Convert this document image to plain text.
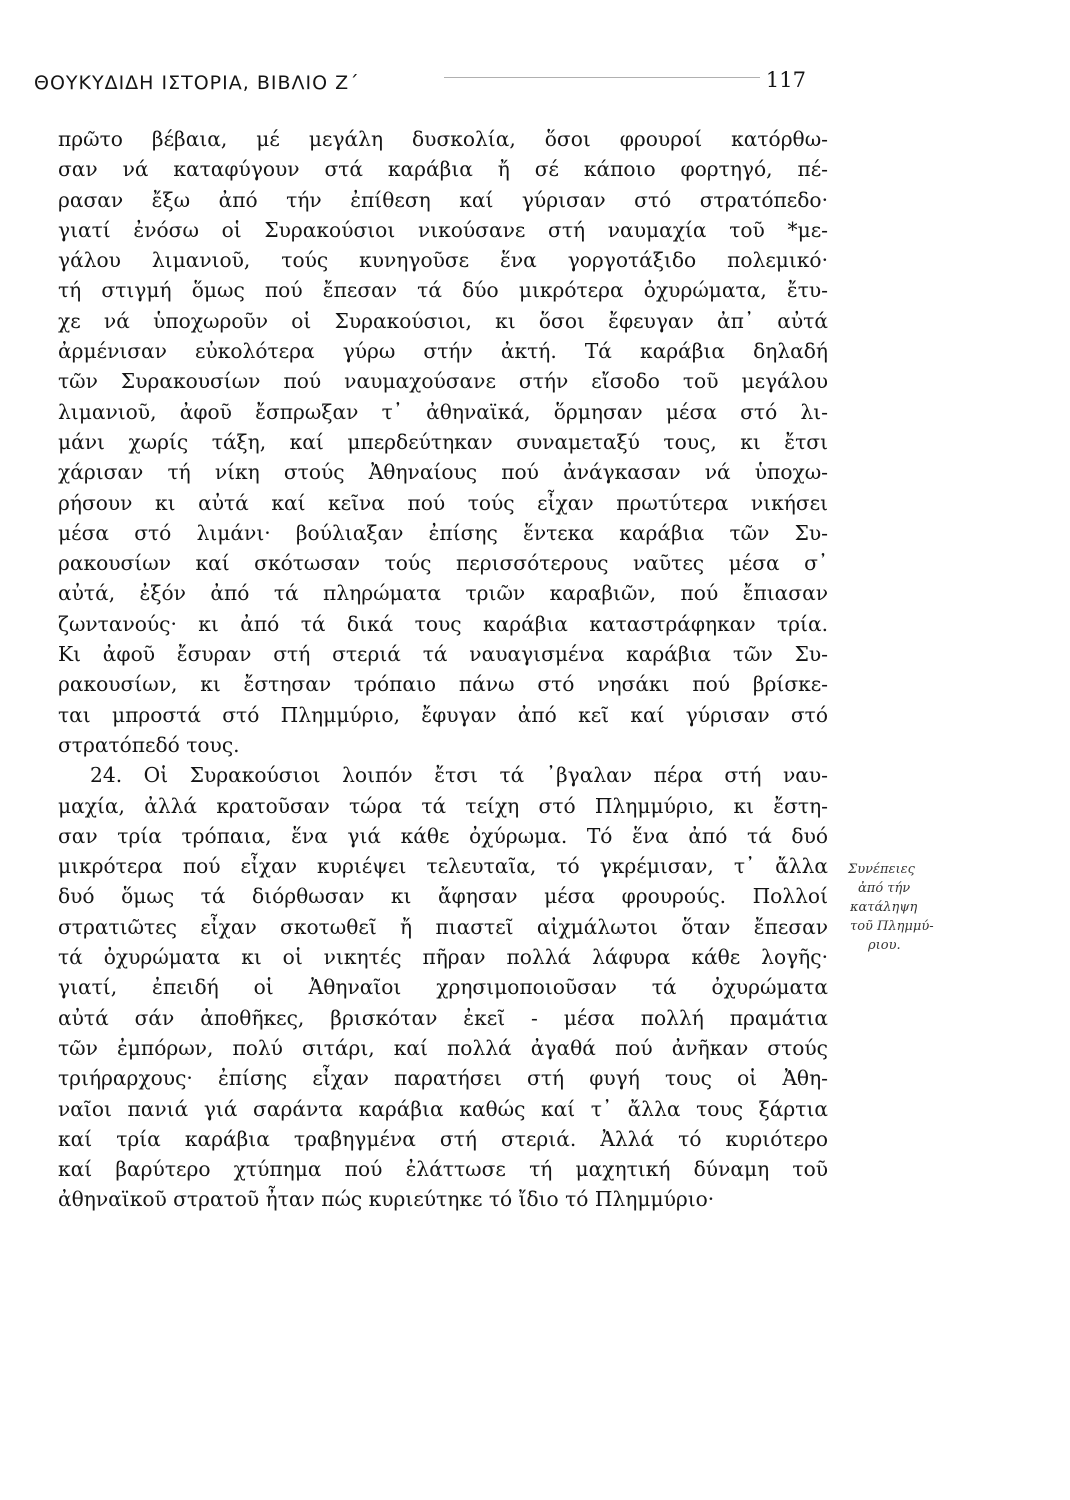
ΘΟΥΚΥΔΙΔΗ ΙΣΤΟΡΙΑ, ΒΙΒΛΙΟ Ζ΄	117
πρῶτο βέβαια, μέ μεγάλη δυσκολία, ὅσοι φρουροί κατόρθω-
σαν νά καταφύγουν στά καράβια ἤ σέ κάποιο φορτηγό, πέ-
ρασαν ἔξω ἀπό τήν ἐπίθεση καί γύρισαν στό στρατόπεδο·
γιατί ἐνόσω οἱ Συρακούσιοι νικούσανε στή ναυμαχία τοῦ *με-
γάλου λιμανιοῦ, τούς κυνηγοῦσε ἕνα γοργοτάξιδο πολεμικό·
τή στιγμή ὅμως πού ἔπεσαν τά δύο μικρότερα ὀχυρώματα, ἔτυ-
χε νά ὑποχωροῦν οἱ Συρακούσιοι, κι ὅσοι ἔφευγαν ἀπ᾽ αὐτά
ἀρμένισαν εὐκολότερα γύρω στήν ἀκτή. Τά καράβια δηλαδή
τῶν Συρακουσίων πού ναυμαχούσανε στήν εἴσοδο τοῦ μεγάλου
λιμανιοῦ, ἀφοῦ ἔσπρωξαν τ᾽ ἀθηναϊκά, ὅρμησαν μέσα στό λι-
μάνι χωρίς τάξη, καί μπερδεύτηκαν συναμεταξύ τους, κι ἔτσι
χάρισαν τή νίκη στούς Ἀθηναίους πού ἀνάγκασαν νά ὑποχω-
ρήσουν κι αὐτά καί κεῖνα πού τούς εἶχαν πρωτύτερα νικήσει
μέσα στό λιμάνι· βούλιαξαν ἐπίσης ἕντεκα καράβια τῶν Συ-
ρακουσίων καί σκότωσαν τούς περισσότερους ναῦτες μέσα σ᾽
αὐτά, ἐξόν ἀπό τά πληρώματα τριῶν καραβιῶν, πού ἔπιασαν
ζωντανούς· κι ἀπό τά δικά τους καράβια καταστράφηκαν τρία.
Κι ἀφοῦ ἔσυραν στή στεριά τά ναυαγισμένα καράβια τῶν Συ-
ρακουσίων, κι ἔστησαν τρόπαιο πάνω στό νησάκι πού βρίσκε-
ται μπροστά στό Πλημμύριο, ἔφυγαν ἀπό κεῖ καί γύρισαν στό
στρατόπεδό τους.
24. Οἱ Συρακούσιοι λοιπόν ἔτσι τά ᾽βγαλαν πέρα στή ναυ-
μαχία, ἀλλά κρατοῦσαν τώρα τά τείχη στό Πλημμύριο, κι ἔστη-
σαν τρία τρόπαια, ἕνα γιά κάθε ὀχύρωμα. Τό ἕνα ἀπό τά δυό
μικρότερα πού εἶχαν κυριέψει τελευταῖα, τό γκρέμισαν, τ᾽ ἄλλα
δυό ὅμως τά διόρθωσαν κι ἄφησαν μέσα φρουρούς. Πολλοί
στρατιῶτες εἶχαν σκοτωθεῖ ἤ πιαστεῖ αἰχμάλωτοι ὅταν ἔπεσαν
τά ὀχυρώματα κι οἱ νικητές πῆραν πολλά λάφυρα κάθε λογῆς·
γιατί, ἐπειδή οἱ Ἀθηναῖοι χρησιμοποιοῦσαν τά ὀχυρώματα
αὐτά σάν ἀποθῆκες, βρισκόταν ἐκεῖ - μέσα πολλή πραμάτια
τῶν ἐμπόρων, πολύ σιτάρι, καί πολλά ἀγαθά πού ἀνῆκαν στούς
τριήραρχους· ἐπίσης εἶχαν παρατήσει στή φυγή τους οἱ Ἀθη-
ναῖοι πανιά γιά σαράντα καράβια καθώς καί τ᾽ ἄλλα τους ξάρτια
καί τρία καράβια τραβηγμένα στή στεριά. Ἀλλά τό κυριότερο
καί βαρύτερο χτύπημα πού ἐλάττωσε τή μαχητική δύναμη τοῦ
ἀθηναϊκοῦ στρατοῦ ἦταν πώς κυριεύτηκε τό ἴδιο τό Πλημμύριο·
Συνέπειες
ἀπό τήν
κατάληψη
τοῦ Πλημμύ-
ριου.
